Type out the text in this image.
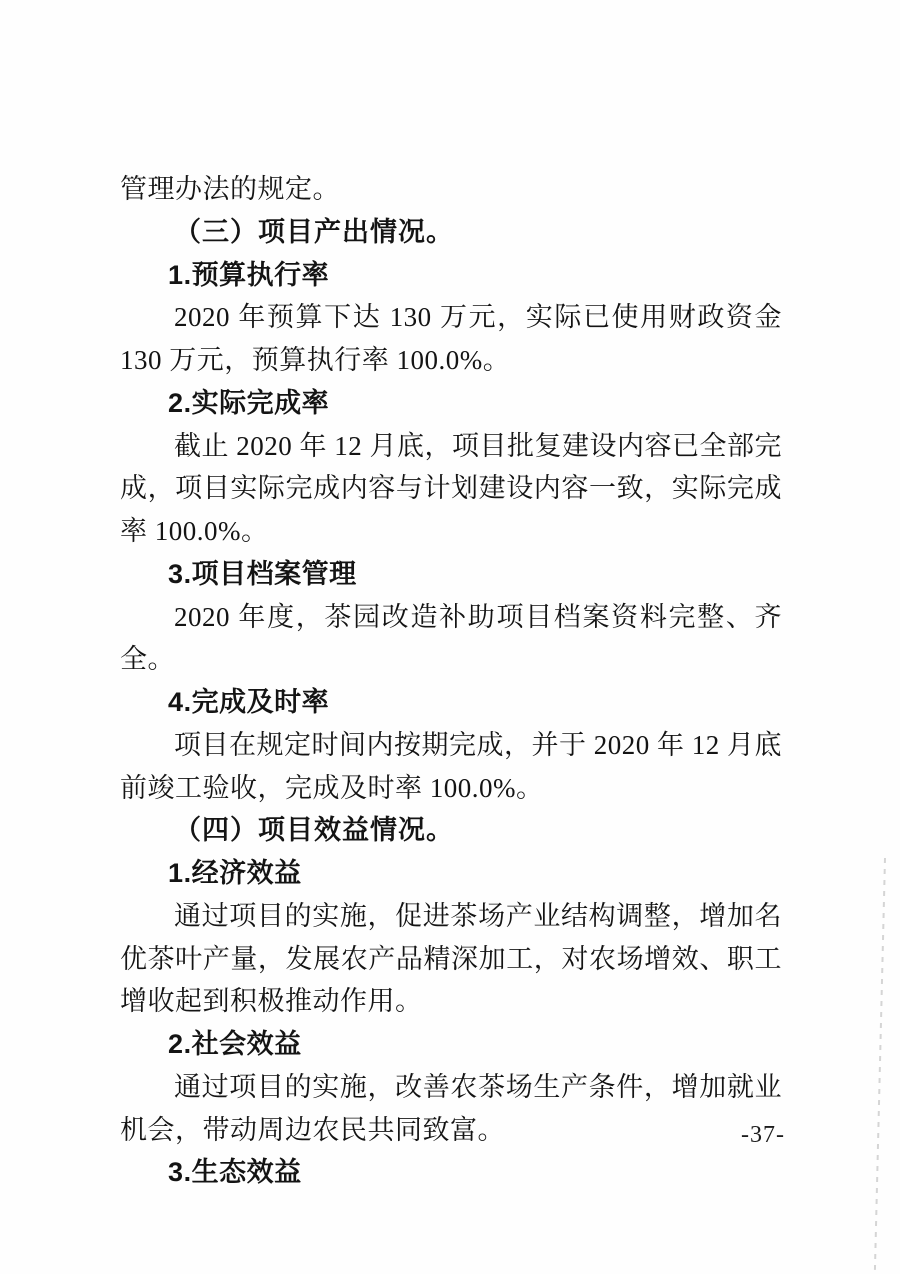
管理办法的规定。

（三）项目产出情况。
1.预算执行率

2020 年预算下达 130 万元，实际已使用财政资金 130 万元，预算执行率 100.0%。

2.实际完成率

截止 2020 年 12 月底，项目批复建设内容已全部完成，项目实际完成内容与计划建设内容一致，实际完成率 100.0%。

3.项目档案管理

2020 年度，茶园改造补助项目档案资料完整、齐全。

4.完成及时率

项目在规定时间内按期完成，并于 2020 年 12 月底前竣工验收，完成及时率 100.0%。

（四）项目效益情况。
1.经济效益

通过项目的实施，促进茶场产业结构调整，增加名优茶叶产量，发展农产品精深加工，对农场增效、职工增收起到积极推动作用。

2.社会效益

通过项目的实施，改善农茶场生产条件，增加就业机会，带动周边农民共同致富。

3.生态效益
-37-
